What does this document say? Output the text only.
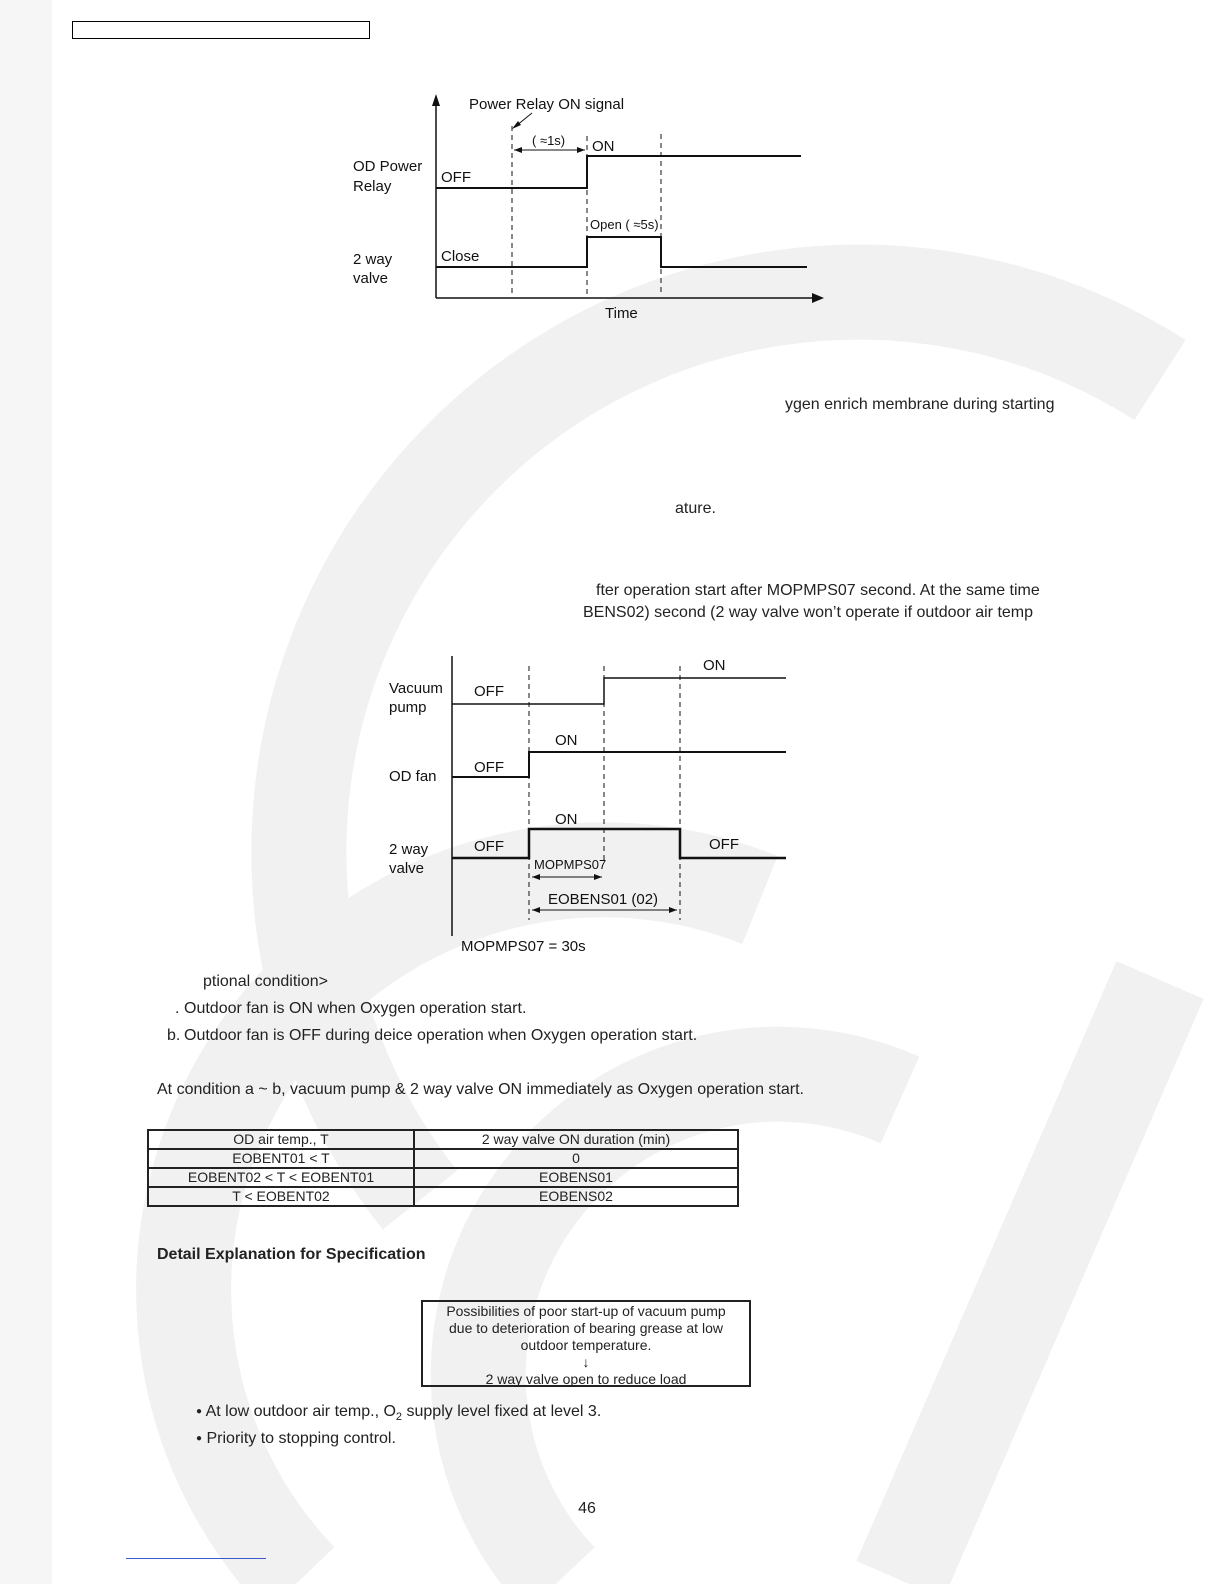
Power Relay ON signal
( ≈1s)
OD Power
Relay
OFF
ON
Open ( ≈5s)
2 way
valve
Close
Time
ygen enrich membrane during starting
ature.
fter operation start after MOPMPS07 second. At the same time
BENS02) second (2 way valve won’t operate if outdoor air temp
Vacuum
pump
OFF
ON
OD fan
OFF
ON
2 way
valve
OFF
ON
OFF
MOPMPS07
EOBENS01 (02)
MOPMPS07 = 30s
ptional condition>
. Outdoor fan is ON when Oxygen operation start.
b. Outdoor fan is OFF during deice operation when Oxygen operation start.
At condition a ~ b, vacuum pump & 2 way valve ON immediately as Oxygen operation start.
OD air temp., T	2 way valve ON duration (min)
EOBENT01 < T	0
EOBENT02 < T < EOBENT01	EOBENS01
T < EOBENT02	EOBENS02
Detail Explanation for Specification
Possibilities of poor start-up of vacuum pump
due to deterioration of bearing grease at low
outdoor temperature.
↓
2 way valve open to reduce load
● At low outdoor air temp., $O_2$ supply level fixed at level 3.
● Priority to stopping control.
46
